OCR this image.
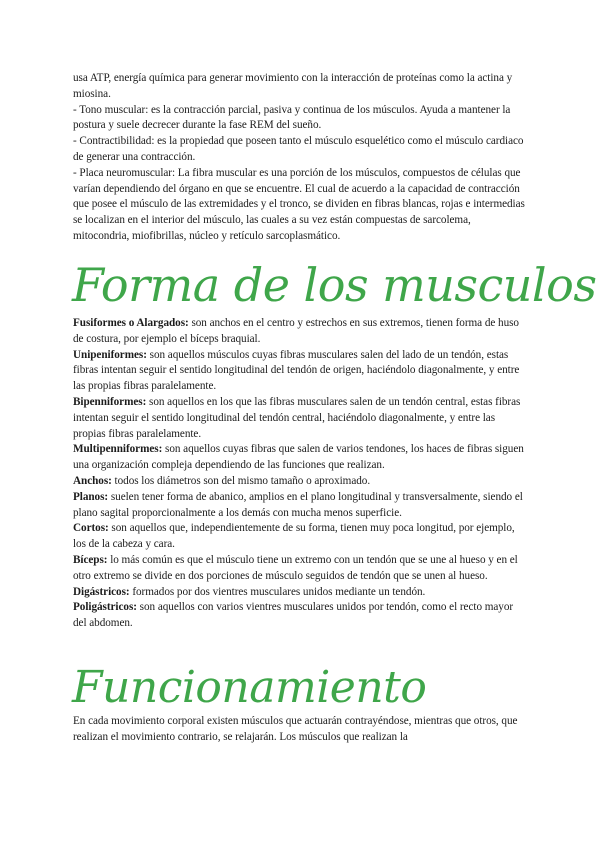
usa ATP, energía química para generar movimiento con la interacción de proteínas como la actina y miosina.

- Tono muscular: es la contracción parcial, pasiva y continua de los músculos. Ayuda a mantener la postura y suele decrecer durante la fase REM del sueño.

- Contractibilidad: es la propiedad que poseen tanto el músculo esquelético como el músculo cardiaco de generar una contracción.

- Placa neuromuscular: La fibra muscular es una porción de los músculos, compuestos de células que varían dependiendo del órgano en que se encuentre. El cual de acuerdo a la capacidad de contracción que posee el músculo de las extremidades y el tronco, se dividen en fibras blancas, rojas e intermedias se localizan en el interior del músculo, las cuales a su vez están compuestas de sarcolema, mitocondria, miofibrillas, núcleo y retículo sarcoplasmático.

Forma de los musculos

Fusiformes o Alargados: son anchos en el centro y estrechos en sus extremos, tienen forma de huso de costura, por ejemplo el bíceps braquial.

Unipeniformes: son aquellos músculos cuyas fibras musculares salen del lado de un tendón, estas fibras intentan seguir el sentido longitudinal del tendón de origen, haciéndolo diagonalmente, y entre las propias fibras paralelamente.

Bipenniformes: son aquellos en los que las fibras musculares salen de un tendón central, estas fibras intentan seguir el sentido longitudinal del tendón central, haciéndolo diagonalmente, y entre las propias fibras paralelamente.

Multipenniformes: son aquellos cuyas fibras que salen de varios tendones, los haces de fibras siguen una organización compleja dependiendo de las funciones que realizan.

Anchos: todos los diámetros son del mismo tamaño o aproximado.

Planos: suelen tener forma de abanico, amplios en el plano longitudinal y transversalmente, siendo el plano sagital proporcionalmente a los demás con mucha menos superficie.

Cortos: son aquellos que, independientemente de su forma, tienen muy poca longitud, por ejemplo, los de la cabeza y cara.

Bíceps: lo más común es que el músculo tiene un extremo con un tendón que se une al hueso y en el otro extremo se divide en dos porciones de músculo seguidos de tendón que se unen al hueso.

Digástricos: formados por dos vientres musculares unidos mediante un tendón.

Poligástricos: son aquellos con varios vientres musculares unidos por tendón, como el recto mayor del abdomen.

Funcionamiento

En cada movimiento corporal existen músculos que actuarán contrayéndose, mientras que otros, que realizan el movimiento contrario, se relajarán. Los músculos que realizan la
